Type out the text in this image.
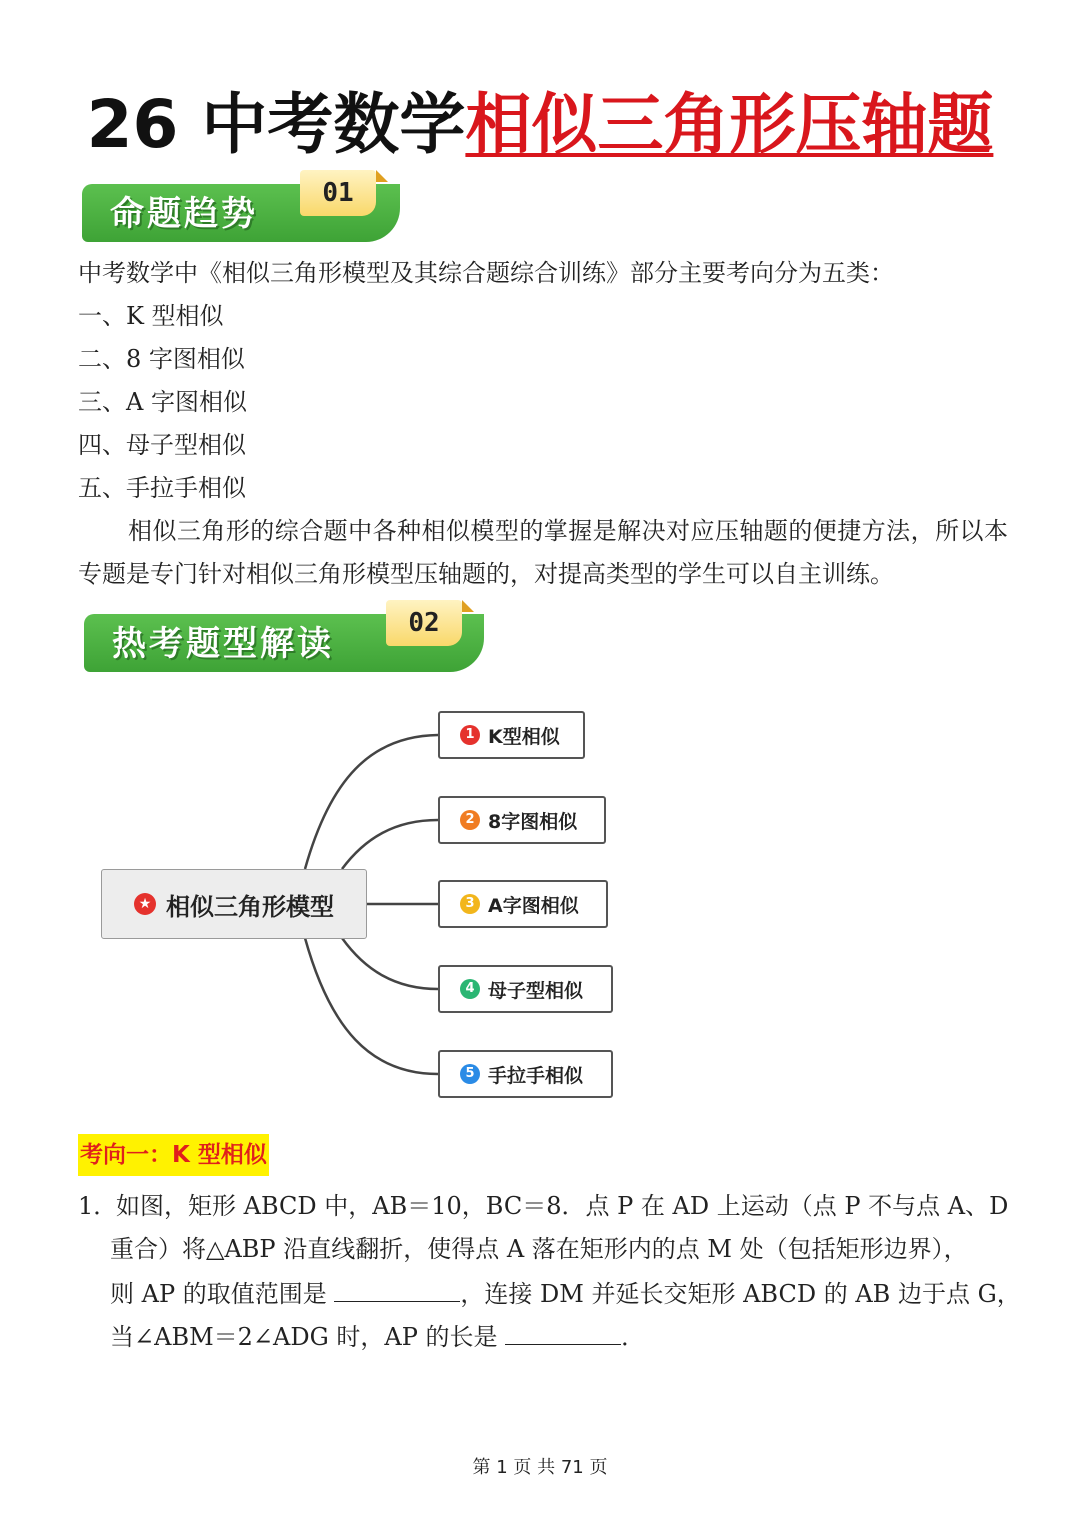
26 中考数学相似三角形压轴题
命题趋势
01
中考数学中《相似三角形模型及其综合题综合训练》部分主要考向分为五类：
一、K 型相似
二、8 字图相似
三、A 字图相似
四、母子型相似
五、手拉手相似
相似三角形的综合题中各种相似模型的掌握是解决对应压轴题的便捷方法，所以本专题是专门针对相似三角形模型压轴题的，对提高类型的学生可以自主训练。
热考题型解读
02
★ 相似三角形模型
1 K型相似
2 8字图相似
3 A字图相似
4 母子型相似
5 手拉手相似
考向一：K 型相似
1．
如图，矩形 ABCD 中，AB＝10，BC＝8．点 P 在 AD 上运动（点 P 不与点 A、D
重合）将△ABP 沿直线翻折，使得点 A 落在矩形内的点 M 处（包括矩形边界），
则 AP 的取值范围是	，连接 DM 并延长交矩形 ABCD 的 AB 边于点 G，
当∠ABM＝2∠ADG 时，AP 的长是	．
第 1 页 共 71 页
